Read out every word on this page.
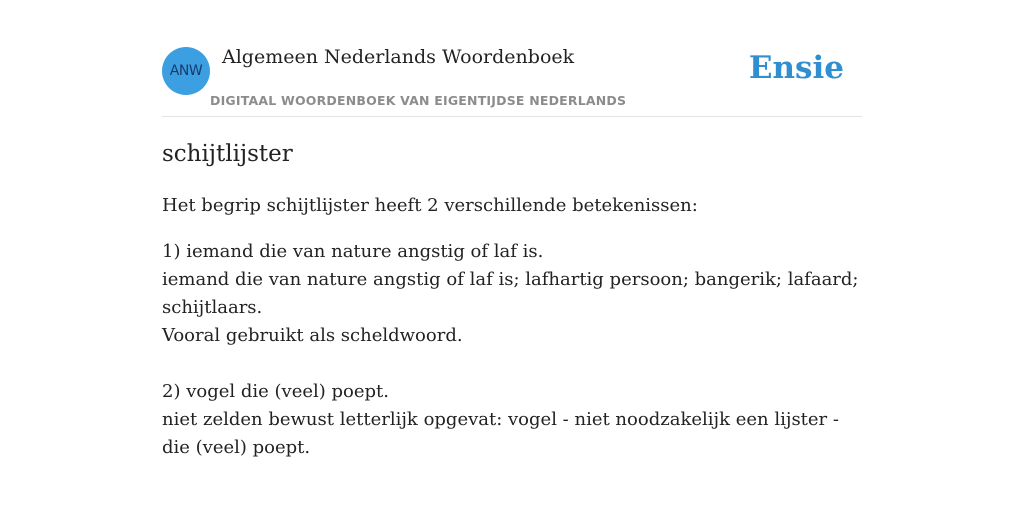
ANW
Algemeen Nederlands Woordenboek
DIGITAAL WOORDENBOEK VAN EIGENTIJDSE NEDERLANDS
Ensie
schijtlijster

Het begrip schijtlijster heeft 2 verschillende betekenissen:

1) iemand die van nature angstig of laf is.
iemand die van nature angstig of laf is; lafhartig persoon; bangerik; lafaard; schijtlaars.
Vooral gebruikt als scheldwoord.
2) vogel die (veel) poept.
niet zelden bewust letterlijk opgevat: vogel - niet noodzakelijk een lijster - die (veel) poept.
